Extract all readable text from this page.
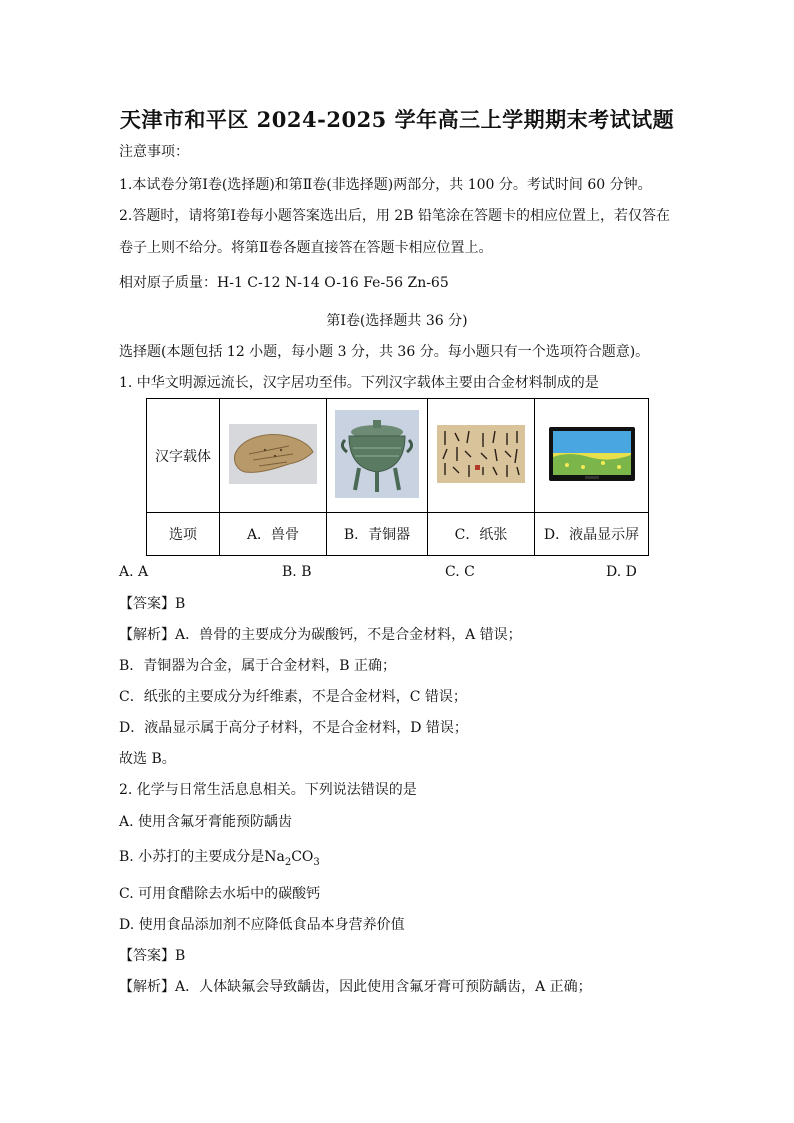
天津市和平区 2024-2025 学年高三上学期期末考试试题
注意事项：
1.本试卷分第Ⅰ卷(选择题)和第Ⅱ卷(非选择题)两部分，共 100 分。考试时间 60 分钟。
2.答题时，请将第Ⅰ卷每小题答案选出后，用 2B 铅笔涂在答题卡的相应位置上，若仅答在
卷子上则不给分。将第Ⅱ卷各题直接答在答题卡相应位置上。
相对原子质量：H-1 C-12 N-14 O-16 Fe-56 Zn-65
第Ⅰ卷(选择题共 36 分)
选择题(本题包括 12 小题，每小题 3 分，共 36 分。每小题只有一个选项符合题意)。
1. 中华文明源远流长，汉字居功至伟。下列汉字载体主要由合金材料制成的是
汉字载体				
选项	A．兽骨	B．青铜器	C．纸张	D．液晶显示屏
A. A	B. B	C. C	D. D
【答案】B
【解析】A．兽骨的主要成分为碳酸钙，不是合金材料，A 错误；
B．青铜器为合金，属于合金材料，B 正确；
C．纸张的主要成分为纤维素，不是合金材料，C 错误；
D．液晶显示属于高分子材料，不是合金材料，D 错误；
故选 B。
2. 化学与日常生活息息相关。下列说法错误的是
A. 使用含氟牙膏能预防龋齿
B. 小苏打的主要成分是$Na_2CO_3$
C. 可用食醋除去水垢中的碳酸钙
D. 使用食品添加剂不应降低食品本身营养价值
【答案】B
【解析】A．人体缺氟会导致龋齿，因此使用含氟牙膏可预防龋齿，A 正确；
